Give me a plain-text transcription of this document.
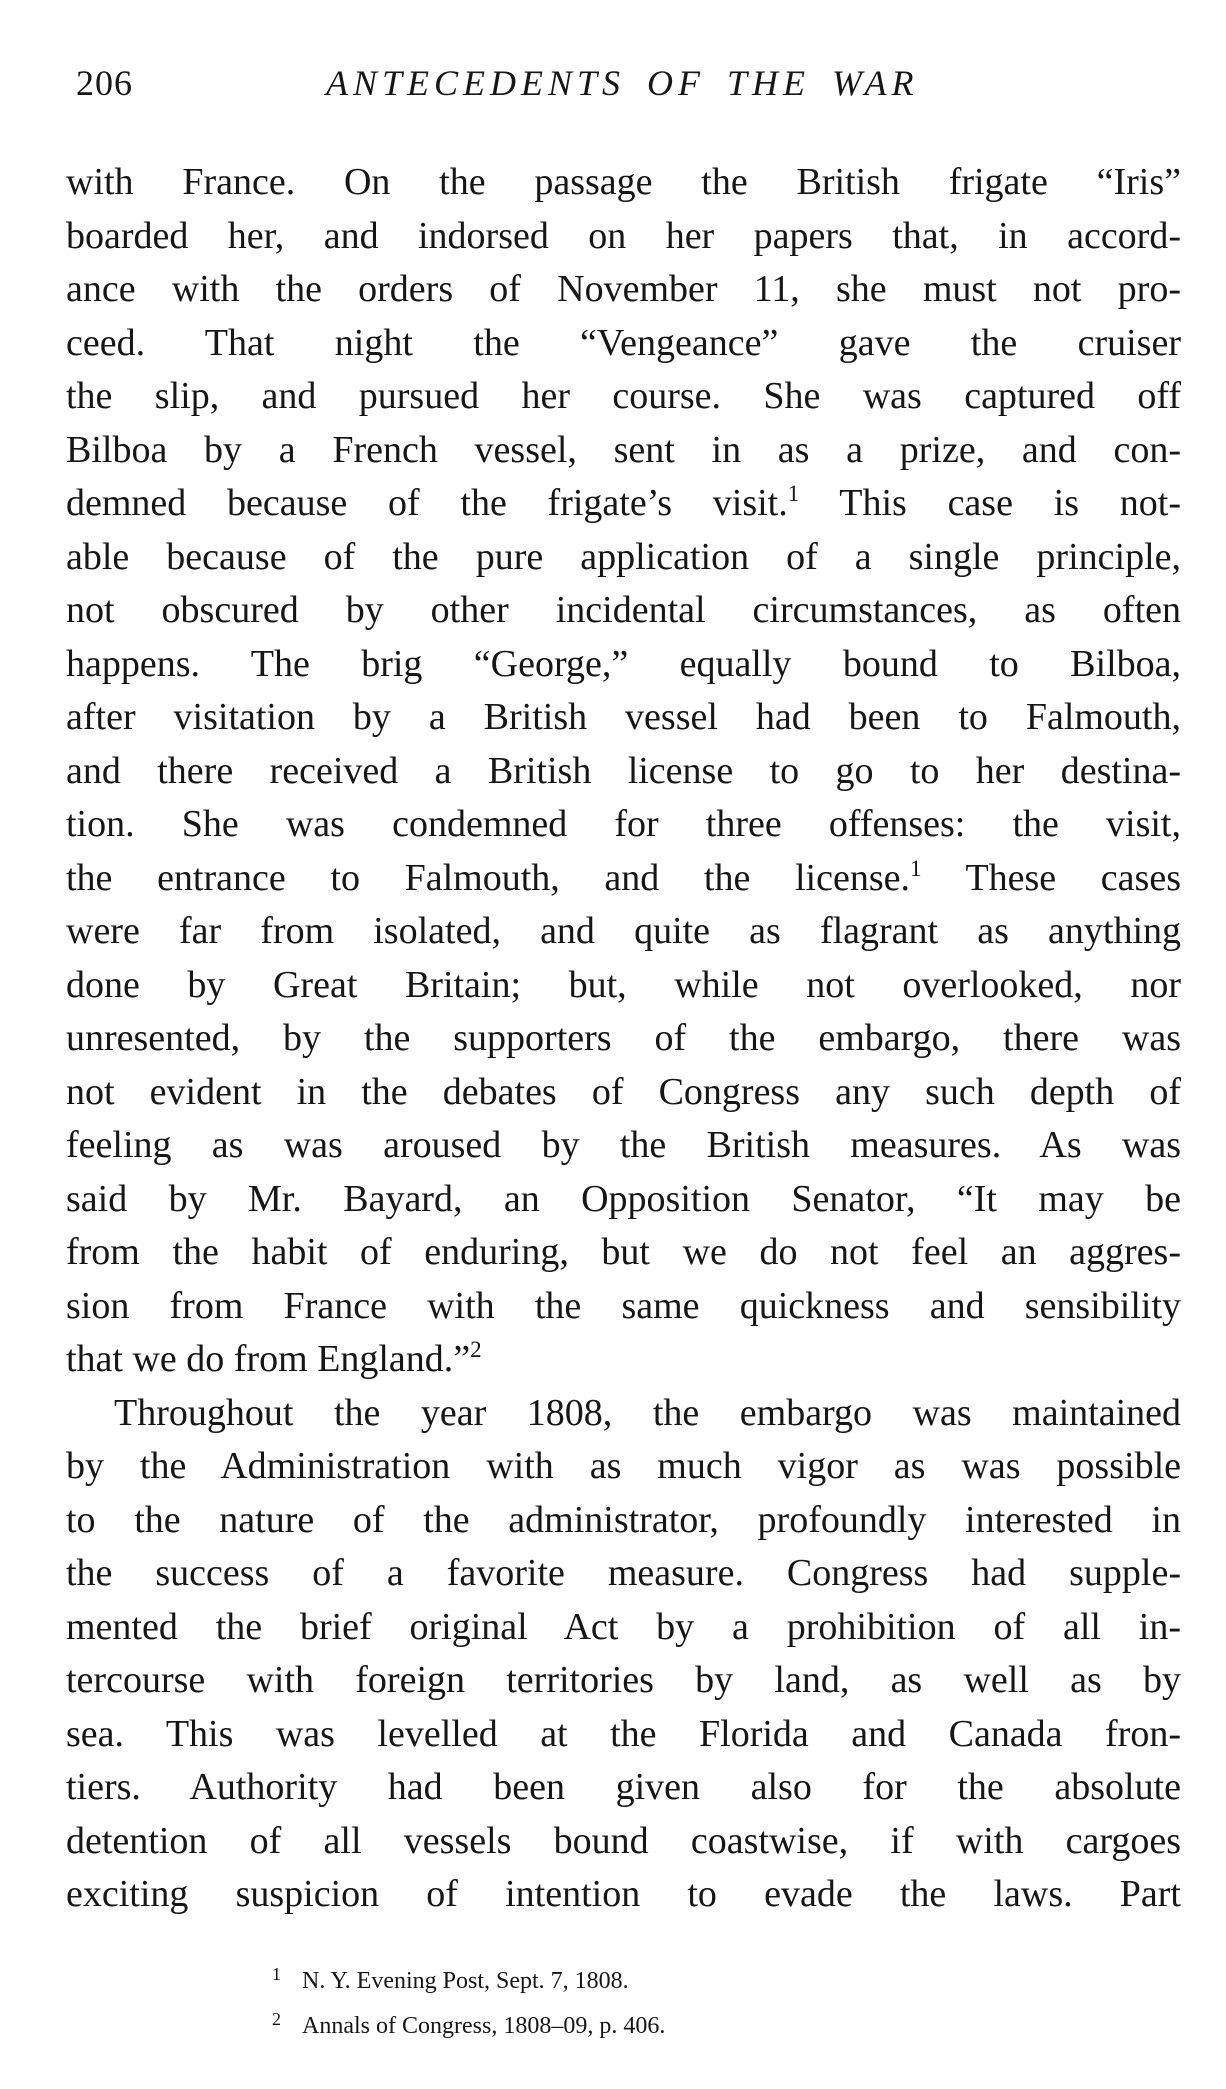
206	ANTECEDENTS OF THE WAR
with France. On the passage the British frigate “Iris”
boarded her, and indorsed on her papers that, in accord-
ance with the orders of November 11, she must not pro-
ceed. That night the “Vengeance” gave the cruiser
the slip, and pursued her course. She was captured off
Bilboa by a French vessel, sent in as a prize, and con-
demned because of the frigate’s visit.$^1$ This case is not-
able because of the pure application of a single principle,
not obscured by other incidental circumstances, as often
happens. The brig “George,” equally bound to Bilboa,
after visitation by a British vessel had been to Falmouth,
and there received a British license to go to her destina-
tion. She was condemned for three offenses: the visit,
the entrance to Falmouth, and the license.$^1$ These cases
were far from isolated, and quite as flagrant as anything
done by Great Britain; but, while not overlooked, nor
unresented, by the supporters of the embargo, there was
not evident in the debates of Congress any such depth of
feeling as was aroused by the British measures. As was
said by Mr. Bayard, an Opposition Senator, “It may be
from the habit of enduring, but we do not feel an aggres-
sion from France with the same quickness and sensibility
that we do from England.”$^2$
Throughout the year 1808, the embargo was maintained
by the Administration with as much vigor as was possible
to the nature of the administrator, profoundly interested in
the success of a favorite measure. Congress had supple-
mented the brief original Act by a prohibition of all in-
tercourse with foreign territories by land, as well as by
sea. This was levelled at the Florida and Canada fron-
tiers. Authority had been given also for the absolute
detention of all vessels bound coastwise, if with cargoes
exciting suspicion of intention to evade the laws. Part
1 N. Y. Evening Post, Sept. 7, 1808.
2 Annals of Congress, 1808–09, p. 406.
